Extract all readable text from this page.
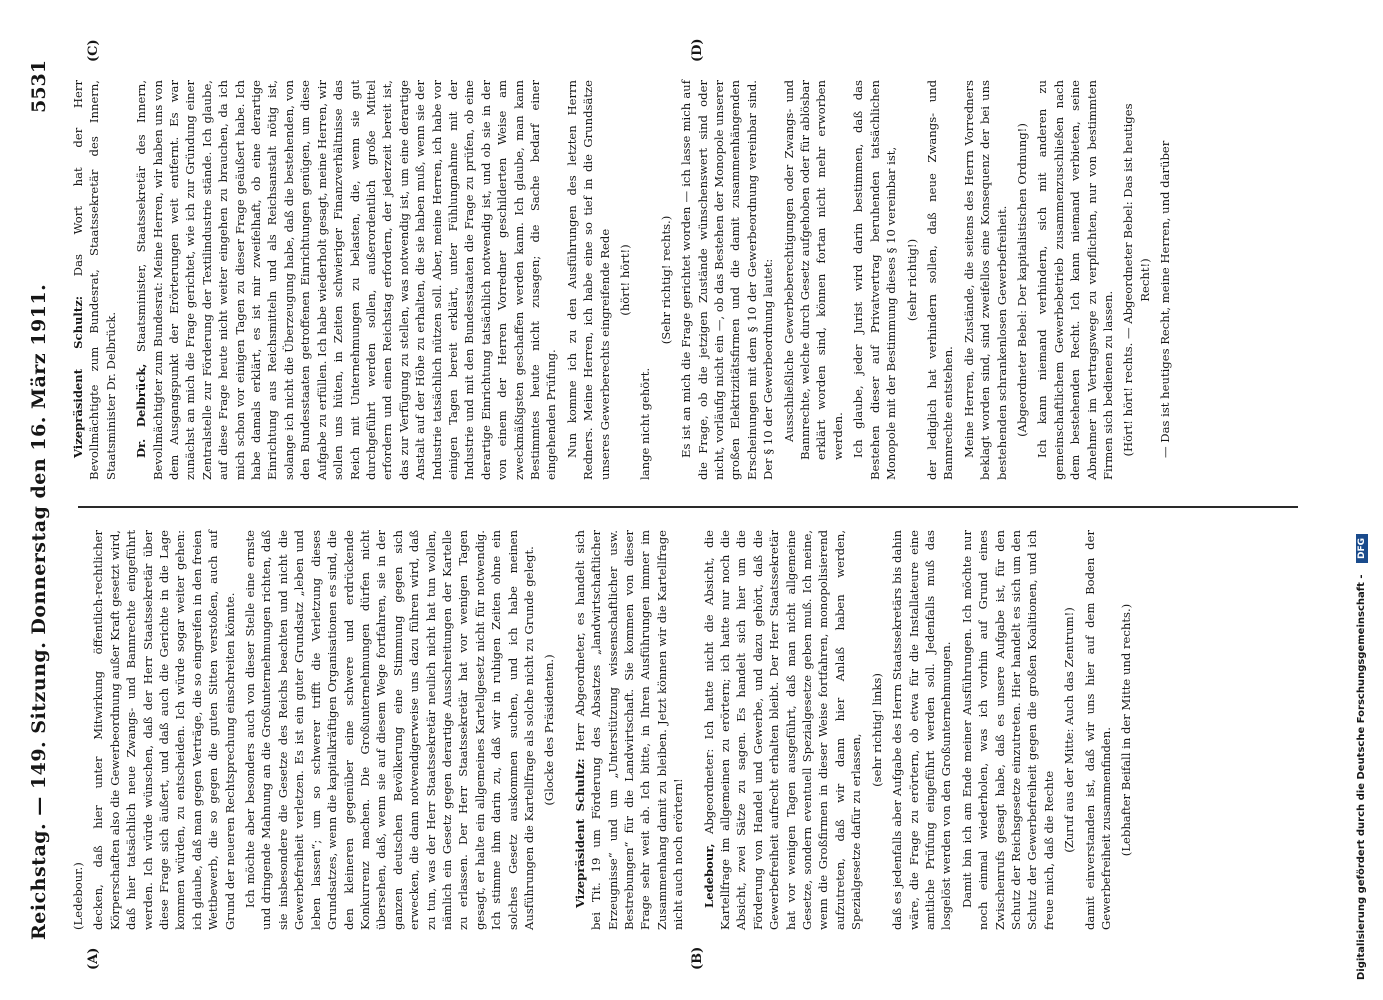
Reichstag. — 149. Sitzung. Donnerstag den 16. März 1911.
5531
(A)	(B)
(C)	(D)

(Ledebour.) decken, daß hier unter Mitwirkung öffentlich-rechtlicher Körperschaften also die Gewerbeordnung außer Kraft gesetzt wird, daß hier tatsächlich neue Zwangs- und Bannrechte eingeführt werden. Ich würde wünschen, daß der Herr Staatssekretär über diese Frage sich äußert, und daß auch die Gerichte in die Lage kommen würden, zu entscheiden. Ich würde sogar weiter gehen: ich glaube, daß man gegen Verträge, die so eingreifen in den freien Wettbewerb, die so gegen die guten Sitten verstoßen, auch auf Grund der neueren Rechtsprechung einschreiten könnte. Ich möchte aber besonders auch von dieser Stelle eine ernste und dringende Mahnung an die Großunternehmungen richten, daß sie insbesondere die Gesetze des Reichs beachten und nicht die Gewerbefreiheit verletzen. Es ist ein guter Grundsatz „leben und leben lassen“; um so schwerer trifft die Verletzung dieses Grundsatzes, wenn die kapitalkräftigen Organisationen es sind, die den kleineren gegenüber eine schwere und erdrückende Konkurrenz machen. Die Großunternehmungen dürfen nicht übersehen, daß, wenn sie auf diesem Wege fortfahren, sie in der ganzen deutschen Bevölkerung eine Stimmung gegen sich erwecken, die dann notwendigerweise uns dazu führen wird, daß zu tun, was der Herr Staatssekretär neulich nicht hat tun wollen, nämlich ein Gesetz gegen derartige Ausschreitungen der Kartelle zu erlassen. Der Herr Staatssekretär hat vor wenigen Tagen gesagt, er halte ein allgemeines Kartellgesetz nicht für notwendig. Ich stimme ihm darin zu, daß wir in ruhigen Zeiten ohne ein solches Gesetz auskommen suchen, und ich habe meinen Ausführungen die Kartellfrage als solche nicht zu Grunde gelegt. (Glocke des Präsidenten.)

Vizepräsident Schultz: Herr Abgeordneter, es handelt sich bei Tit. 19 um Förderung des Absatzes „landwirtschaftlicher Erzeugnisse“ und um „Unterstützung wissenschaftlicher usw. Bestrebungen“ für die Landwirtschaft. Sie kommen von dieser Frage sehr weit ab. Ich bitte, in Ihren Ausführungen immer im Zusammenhang damit zu bleiben. Jetzt können wir die Kartellfrage nicht auch noch erörtern! Ledebour, Abgeordneter: Ich hatte nicht die Absicht, die Kartellfrage im allgemeinen zu erörtern; ich hatte nur noch die Absicht, zwei Sätze zu sagen. Es handelt sich hier um die Förderung von Handel und Gewerbe, und dazu gehört, daß die Gewerbefreiheit aufrecht erhalten bleibt. Der Herr Staatssekretär hat vor wenigen Tagen ausgeführt, daß man nicht allgemeine Gesetze, sondern eventuell Spezialgesetze geben muß. Ich meine, wenn die Großfirmen in dieser Weise fortfahren, monopolisierend aufzutreten, daß wir dann hier Anlaß haben werden, Spezialgesetze dafür zu erlassen,

(sehr richtig! links) daß es jedenfalls aber Aufgabe des Herrn Staatssekretärs bis dahin wäre, die Frage zu erörtern, ob etwa für die Installateure eine amtliche Prüfung eingeführt werden soll. Jedenfalls muß das losgelöst werden von den Großunternehmungen. Damit bin ich am Ende meiner Ausführungen. Ich möchte nur noch einmal wiederholen, was ich vorhin auf Grund eines Zwischenrufs gesagt habe, daß es unsere Aufgabe ist, für den Schutz der Reichsgesetze einzutreten. Hier handelt es sich um den Schutz der Gewerbefreiheit gegen die großen Koalitionen, und ich freue mich, daß die Rechte (Zuruf aus der Mitte: Auch das Zentrum!) damit einverstanden ist, daß wir uns hier auf dem Boden der Gewerbefreiheit zusammenfinden. (Lebhafter Beifall in der Mitte und rechts.)

Vizepräsident Schultz: Das Wort hat der Herr Bevollmächtigte zum Bundesrat, Staatssekretär des Innern, Staatsminister Dr. Delbrück. Dr. Delbrück, Staatsminister, Staatssekretär des Innern, Bevollmächtigter zum Bundesrat: Meine Herren, wir haben uns von dem Ausgangspunkt der Erörterungen weit entfernt. Es war zunächst an mich die Frage gerichtet, wie ich zur Gründung einer Zentralstelle zur Förderung der Textilindustrie stände. Ich glaube, auf diese Frage heute nicht weiter eingehen zu brauchen, da ich mich schon vor einigen Tagen zu dieser Frage geäußert habe. Ich habe damals erklärt, es ist mir zweifelhaft, ob eine derartige Einrichtung aus Reichsmitteln und als Reichsanstalt nötig ist, solange ich nicht die Überzeugung habe, daß die bestehenden, von den Bundesstaaten getroffenen Einrichtungen genügen, um diese Aufgabe zu erfüllen. Ich habe wiederholt gesagt, meine Herren, wir sollen uns hüten, in Zeiten schwieriger Finanzverhältnisse das Reich mit Unternehmungen zu belasten, die, wenn sie gut durchgeführt werden sollen, außerordentlich große Mittel erfordern und einen Reichstag erfordern, der jederzeit bereit ist, das zur Verfügung zu stellen, was notwendig ist, um eine derartige Anstalt auf der Höhe zu erhalten, die sie haben muß, wenn sie der Industrie tatsächlich nützen soll. Aber, meine Herren, ich habe vor einigen Tagen bereit erklärt, unter Fühlungnahme mit der Industrie und mit den Bundesstaaten die Frage zu prüfen, ob eine derartige Einrichtung tatsächlich notwendig ist, und ob sie in der von einem der Herren Vorredner geschilderten Weise am zweckmäßigsten geschaffen werden kann. Ich glaube, man kann Bestimmtes heute nicht zusagen; die Sache bedarf einer eingehenden Prüfung. Nun komme ich zu den Ausführungen des letzten Herrn Redners. Meine Herren, ich habe eine so tief in die Grundsätze unseres Gewerberechts eingreifende Rede (hört! hört!)

lange nicht gehört.

(Sehr richtig! rechts.) Es ist an mich die Frage gerichtet worden — ich lasse mich auf die Frage, ob die jetzigen Zustände wünschenswert sind oder nicht, vorläufig nicht ein —, ob das Bestehen der Monopole unserer großen Elektrizitätsfirmen und die damit zusammenhängenden Erscheinungen mit dem § 10 der Gewerbeordnung vereinbar sind. Der § 10 der Gewerbeordnung lautet: Ausschließliche Gewerbeberechtigungen oder Zwangs- und Bannrechte, welche durch Gesetz aufgehoben oder für ablösbar erklärt worden sind, können fortan nicht mehr erworben werden. Ich glaube, jeder Jurist wird darin bestimmen, daß das Bestehen dieser auf Privatvertrag beruhenden tatsächlichen Monopole mit der Bestimmung dieses § 10 vereinbar ist, (sehr richtig!) der lediglich hat verhindern sollen, daß neue Zwangs- und Bannrechte entstehen. Meine Herren, die Zustände, die seitens des Herrn Vorredners beklagt worden sind, sind zweifellos eine Konsequenz der bei uns bestehenden schrankenlosen Gewerbefreiheit. (Abgeordneter Bebel: Der kapitalistischen Ordnung!) Ich kann niemand verhindern, sich mit anderen zu gemeinschaftlichem Gewerbebetrieb zusammenzuschließen nach dem bestehenden Recht. Ich kann niemand verbieten, seine Abnehmer im Vertragswege zu verpflichten, nur von bestimmten Firmen sich bedienen zu lassen. (Hört! hört! rechts. — Abgeordneter Bebel: Das ist heutiges Recht!) — Das ist heutiges Recht, meine Herren, und darüber

Digitalisierung gefördert durch die Deutsche Forschungsgemeinschaft - DFG
